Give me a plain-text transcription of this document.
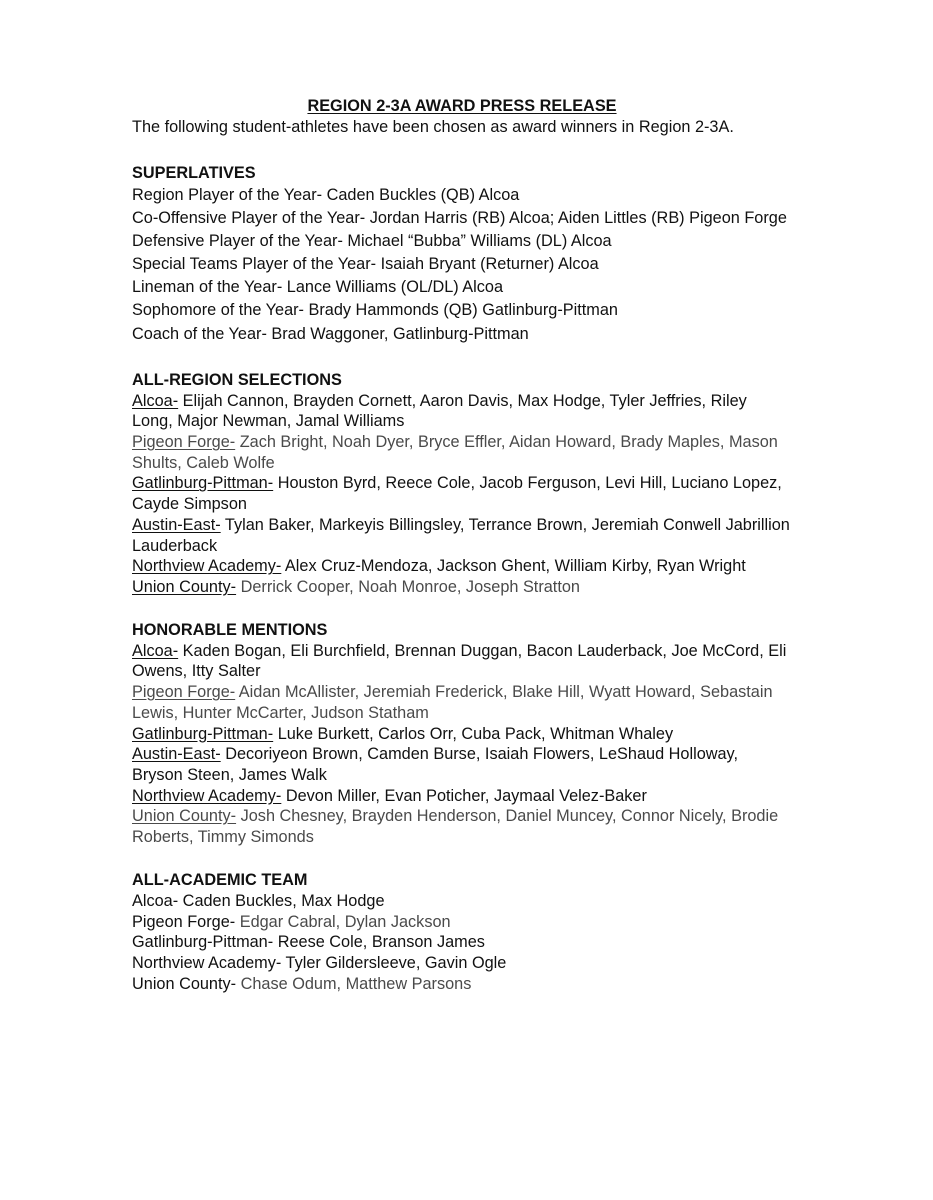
REGION 2-3A AWARD PRESS RELEASE

The following student-athletes have been chosen as award winners in Region 2-3A.

SUPERLATIVES

Region Player of the Year- Caden Buckles (QB) Alcoa

Co-Offensive Player of the Year- Jordan Harris (RB) Alcoa; Aiden Littles (RB) Pigeon Forge

Defensive Player of the Year- Michael “Bubba” Williams (DL) Alcoa

Special Teams Player of the Year- Isaiah Bryant (Returner) Alcoa

Lineman of the Year- Lance Williams (OL/DL) Alcoa

Sophomore of the Year- Brady Hammonds (QB) Gatlinburg-Pittman

Coach of the Year- Brad Waggoner, Gatlinburg-Pittman

ALL-REGION SELECTIONS

Alcoa- Elijah Cannon, Brayden Cornett, Aaron Davis, Max Hodge, Tyler Jeffries, Riley Long, Major Newman, Jamal Williams

Pigeon Forge- Zach Bright, Noah Dyer, Bryce Effler, Aidan Howard, Brady Maples, Mason Shults, Caleb Wolfe

Gatlinburg-Pittman- Houston Byrd, Reece Cole, Jacob Ferguson, Levi Hill, Luciano Lopez, Cayde Simpson

Austin-East- Tylan Baker, Markeyis Billingsley, Terrance Brown, Jeremiah Conwell Jabrillion Lauderback

Northview Academy- Alex Cruz-Mendoza, Jackson Ghent, William Kirby, Ryan Wright

Union County- Derrick Cooper, Noah Monroe, Joseph Stratton

HONORABLE MENTIONS

Alcoa- Kaden Bogan, Eli Burchfield, Brennan Duggan, Bacon Lauderback, Joe McCord, Eli Owens, Itty Salter

Pigeon Forge- Aidan McAllister, Jeremiah Frederick, Blake Hill, Wyatt Howard, Sebastain Lewis, Hunter McCarter, Judson Statham

Gatlinburg-Pittman- Luke Burkett, Carlos Orr, Cuba Pack, Whitman Whaley

Austin-East- Decoriyeon Brown, Camden Burse, Isaiah Flowers, LeShaud Holloway, Bryson Steen, James Walk

Northview Academy- Devon Miller, Evan Poticher, Jaymaal Velez-Baker

Union County- Josh Chesney, Brayden Henderson, Daniel Muncey, Connor Nicely, Brodie Roberts, Timmy Simonds

ALL-ACADEMIC TEAM

Alcoa- Caden Buckles, Max Hodge

Pigeon Forge- Edgar Cabral, Dylan Jackson

Gatlinburg-Pittman- Reese Cole, Branson James

Northview Academy- Tyler Gildersleeve, Gavin Ogle

Union County- Chase Odum, Matthew Parsons
